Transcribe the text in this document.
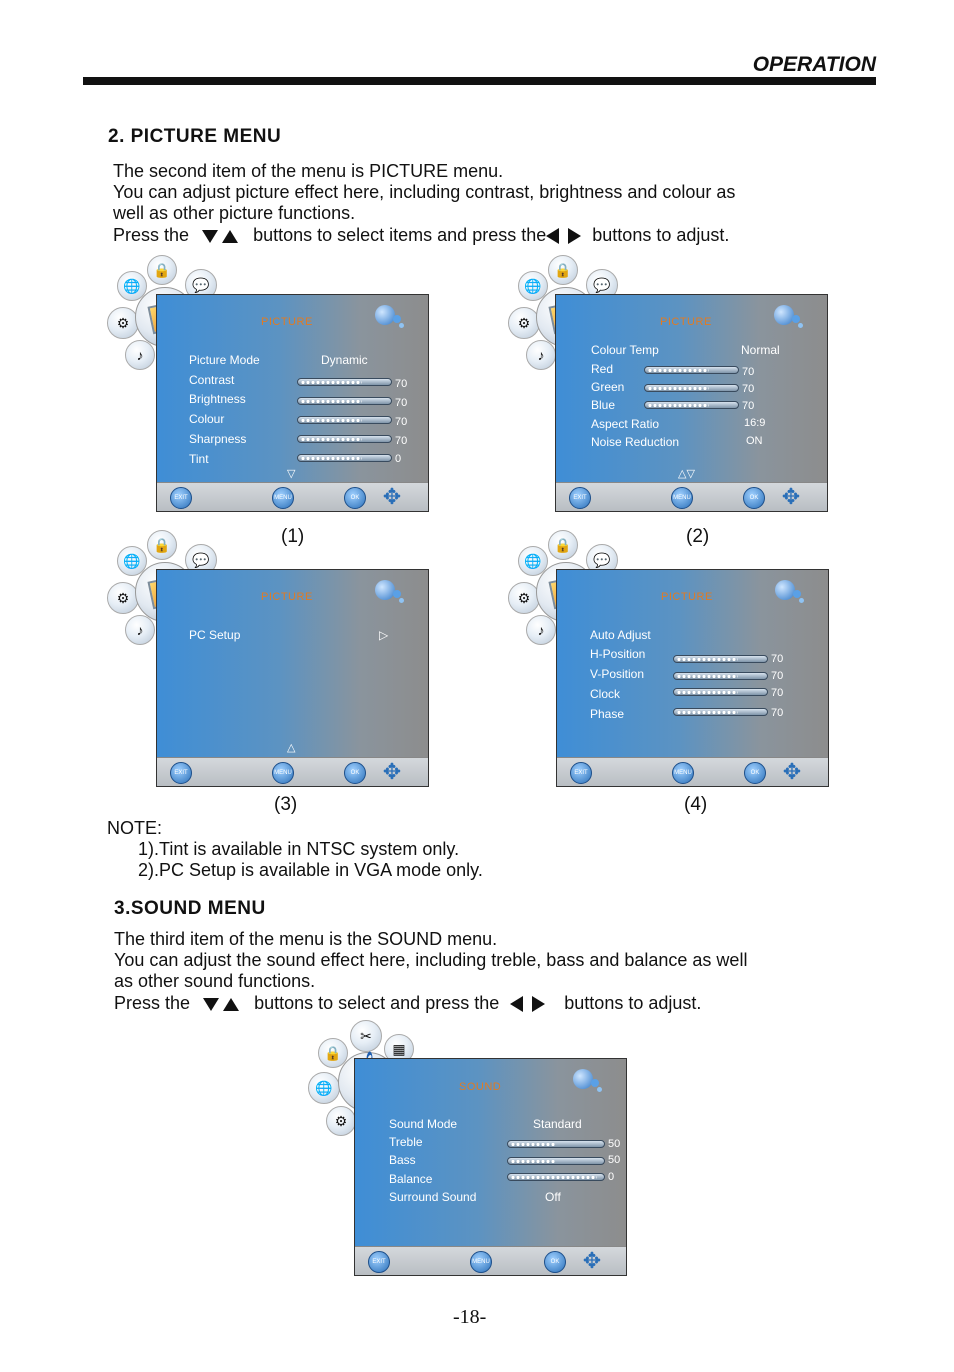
OPERATION
2. PICTURE MENU
The second item of the menu is PICTURE menu.
You can adjust picture effect here, including contrast, brightness and colour as
well as other picture functions.
Press the	buttons to select items and press the	buttons to adjust.
🔒
🌐	💬
⚙
♪
PICTURE
Picture Mode	Dynamic
Contrast	70
Brightness	70
Colour	70
Sharpness	70
Tint	0
▽
EXIT	MENU	OK	✥
(1)
🔒
🌐	💬
⚙
♪
PICTURE
Colour Temp	Normal
Red	70
Green	70
Blue	70
Aspect Ratio	16:9
Noise Reduction	ON
△▽
EXIT	MENU	OK	✥
(2)
🔒
🌐	💬
⚙
♪
PICTURE
PC Setup	▷
△
EXIT	MENU	OK	✥
(3)
🔒
🌐	💬
⚙
♪
PICTURE
Auto Adjust
H-Position	70
V-Position	70
Clock	70
Phase	70
EXIT	MENU	OK	✥
(4)
NOTE:
1).Tint is available in NTSC system only.
2).PC Setup is available in VGA mode only.
3.SOUND MENU
The third item of the menu is the SOUND menu.
You can adjust the sound effect here, including treble, bass and balance as well
as other sound functions.
Press the	buttons to select and press the	buttons to adjust.
✂
🔒	▦
🌐
⚙
SOUND
Sound Mode	Standard
Treble	50
Bass	50
Balance	0
Surround Sound	Off
EXIT	MENU	OK	✥
-18-
